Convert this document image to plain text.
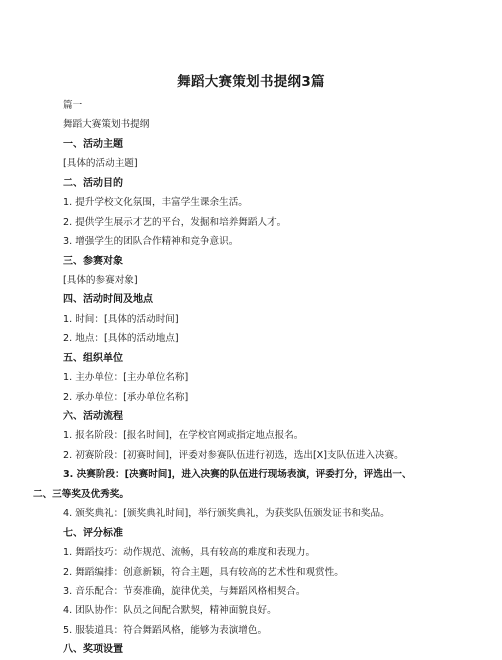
舞蹈大赛策划书提纲3篇
篇一
舞蹈大赛策划书提纲
一、活动主题
[具体的活动主题]
二、活动目的
1. 提升学校文化氛围，丰富学生课余生活。
2. 提供学生展示才艺的平台，发掘和培养舞蹈人才。
3. 增强学生的团队合作精神和竞争意识。
三、参赛对象
[具体的参赛对象]
四、活动时间及地点
1. 时间：[具体的活动时间]
2. 地点：[具体的活动地点]
五、组织单位
1. 主办单位：[主办单位名称]
2. 承办单位：[承办单位名称]
六、活动流程
1. 报名阶段：[报名时间]，在学校官网或指定地点报名。
2. 初赛阶段：[初赛时间]，评委对参赛队伍进行初选，选出[X]支队伍进入决赛。
3. 决赛阶段：[决赛时间]，进入决赛的队伍进行现场表演，评委打分，评选出一、
二、三等奖及优秀奖。
4. 颁奖典礼：[颁奖典礼时间]，举行颁奖典礼，为获奖队伍颁发证书和奖品。
七、评分标准
1. 舞蹈技巧：动作规范、流畅，具有较高的难度和表现力。
2. 舞蹈编排：创意新颖，符合主题，具有较高的艺术性和观赏性。
3. 音乐配合：节奏准确，旋律优美，与舞蹈风格相契合。
4. 团队协作：队员之间配合默契，精神面貌良好。
5. 服装道具：符合舞蹈风格，能够为表演增色。
八、奖项设置
